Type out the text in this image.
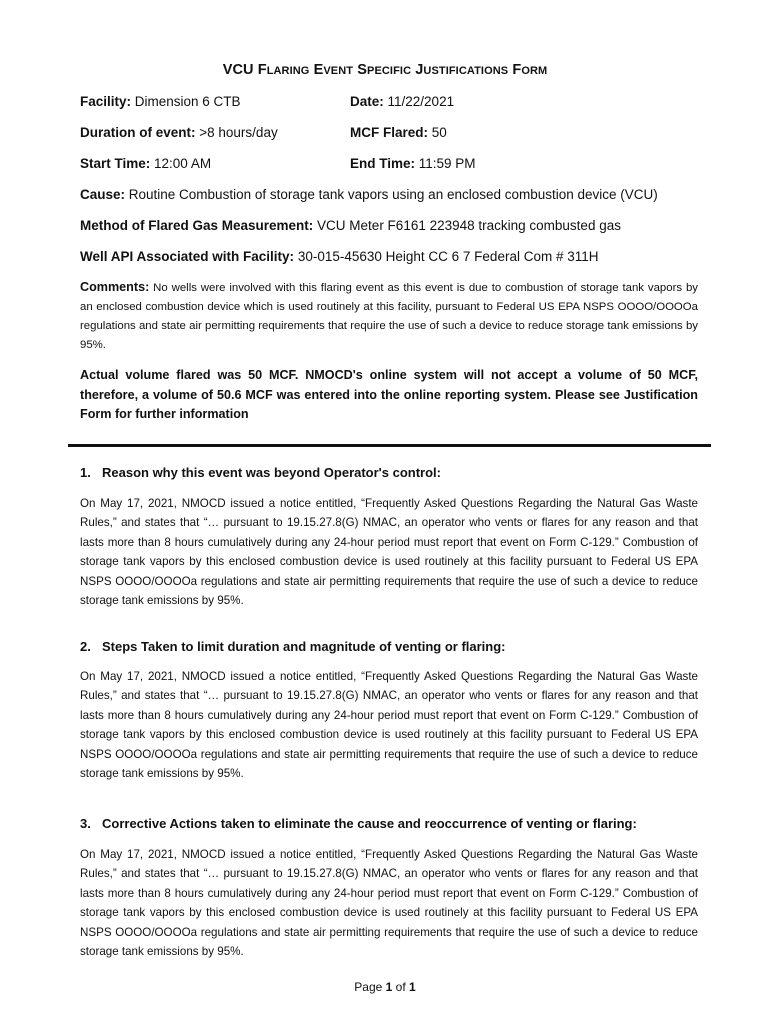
VCU FLARING EVENT SPECIFIC JUSTIFICATIONS FORM
Facility: Dimension 6 CTB	Date: 11/22/2021
Duration of event: >8 hours/day	MCF Flared: 50
Start Time: 12:00 AM	End Time: 11:59 PM
Cause: Routine Combustion of storage tank vapors using an enclosed combustion device (VCU)
Method of Flared Gas Measurement: VCU Meter F6161 223948 tracking combusted gas
Well API Associated with Facility: 30-015-45630 Height CC 6 7 Federal Com # 311H
Comments: No wells were involved with this flaring event as this event is due to combustion of storage tank vapors by an enclosed combustion device which is used routinely at this facility, pursuant to Federal US EPA NSPS OOOO/OOOOa regulations and state air permitting requirements that require the use of such a device to reduce storage tank emissions by 95%.
Actual volume flared was 50 MCF. NMOCD's online system will not accept a volume of 50 MCF, therefore, a volume of 50.6 MCF was entered into the online reporting system. Please see Justification Form for further information
1. Reason why this event was beyond Operator's control:
On May 17, 2021, NMOCD issued a notice entitled, “Frequently Asked Questions Regarding the Natural Gas Waste Rules,” and states that “… pursuant to 19.15.27.8(G) NMAC, an operator who vents or flares for any reason and that lasts more than 8 hours cumulatively during any 24-hour period must report that event on Form C-129.” Combustion of storage tank vapors by this enclosed combustion device is used routinely at this facility pursuant to Federal US EPA NSPS OOOO/OOOOa regulations and state air permitting requirements that require the use of such a device to reduce storage tank emissions by 95%.
2. Steps Taken to limit duration and magnitude of venting or flaring:
On May 17, 2021, NMOCD issued a notice entitled, “Frequently Asked Questions Regarding the Natural Gas Waste Rules,” and states that “… pursuant to 19.15.27.8(G) NMAC, an operator who vents or flares for any reason and that lasts more than 8 hours cumulatively during any 24-hour period must report that event on Form C-129.” Combustion of storage tank vapors by this enclosed combustion device is used routinely at this facility pursuant to Federal US EPA NSPS OOOO/OOOOa regulations and state air permitting requirements that require the use of such a device to reduce storage tank emissions by 95%.
3. Corrective Actions taken to eliminate the cause and reoccurrence of venting or flaring:
On May 17, 2021, NMOCD issued a notice entitled, “Frequently Asked Questions Regarding the Natural Gas Waste Rules,” and states that “… pursuant to 19.15.27.8(G) NMAC, an operator who vents or flares for any reason and that lasts more than 8 hours cumulatively during any 24-hour period must report that event on Form C-129.” Combustion of storage tank vapors by this enclosed combustion device is used routinely at this facility pursuant to Federal US EPA NSPS OOOO/OOOOa regulations and state air permitting requirements that require the use of such a device to reduce storage tank emissions by 95%.
Page 1 of 1
